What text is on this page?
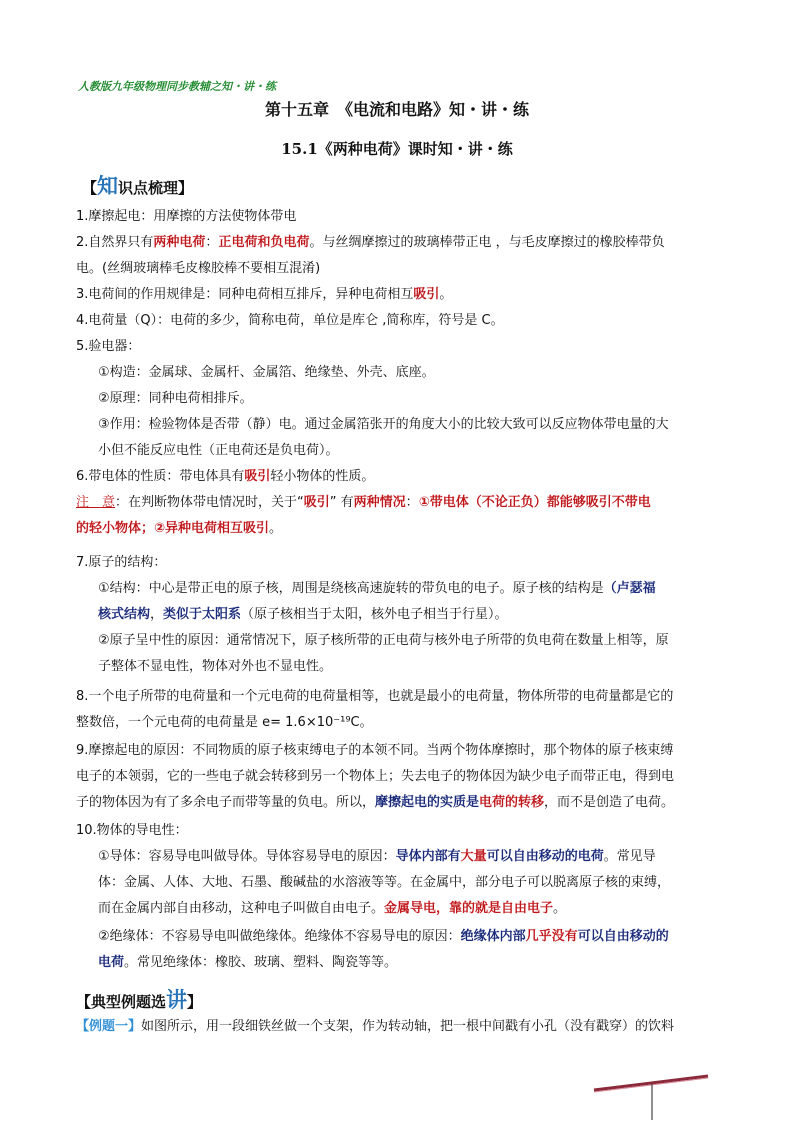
人教版九年级物理同步教辅之知・讲・练
第十五章　《电流和电路》知・讲・练
15.1《两种电荷》课时知・讲・练
【知识点梳理】
1.摩擦起电：用摩擦的方法使物体带电
2.自然界只有两种电荷：正电荷和负电荷。与丝绸摩擦过的玻璃棒带正电 ，与毛皮摩擦过的橡胶棒带负
电。(丝绸玻璃棒毛皮橡胶棒不要相互混淆)
3.电荷间的作用规律是：同种电荷相互排斥，异种电荷相互吸引。
4.电荷量（Q）：电荷的多少，简称电荷，单位是库仑 ,简称库，符号是 C。
5.验电器：
①构造：金属球、金属杆、金属箔、绝缘垫、外壳、底座。
②原理：同种电荷相排斥。
③作用：检验物体是否带（静）电。通过金属箔张开的角度大小的比较大致可以反应物体带电量的大
小但不能反应电性（正电荷还是负电荷）。
6.带电体的性质：带电体具有吸引轻小物体的性质。
注　意：在判断物体带电情况时，关于“吸引” 有两种情况：①带电体（不论正负）都能够吸引不带电
的轻小物体；②异种电荷相互吸引。
7.原子的结构：
①结构：中心是带正电的原子核，周围是绕核高速旋转的带负电的电子。原子核的结构是（卢瑟福
核式结构，类似于太阳系（原子核相当于太阳，核外电子相当于行星）。
②原子呈中性的原因：通常情况下，原子核所带的正电荷与核外电子所带的负电荷在数量上相等，原
子整体不显电性，物体对外也不显电性。
8.一个电子所带的电荷量和一个元电荷的电荷量相等，也就是最小的电荷量，物体所带的电荷量都是它的
整数倍，一个元电荷的电荷量是 e= 1.6×10⁻¹⁹C。
9.摩擦起电的原因：不同物质的原子核束缚电子的本领不同。当两个物体摩擦时，那个物体的原子核束缚
电子的本领弱，它的一些电子就会转移到另一个物体上；失去电子的物体因为缺少电子而带正电，得到电
子的物体因为有了多余电子而带等量的负电。所以，摩擦起电的实质是电荷的转移，而不是创造了电荷。
10.物体的导电性：
①导体：容易导电叫做导体。导体容易导电的原因：导体内部有大量可以自由移动的电荷。常见导
体：金属、人体、大地、石墨、酸碱盐的水溶液等等。在金属中，部分电子可以脱离原子核的束缚，
而在金属内部自由移动，这种电子叫做自由电子。金属导电，靠的就是自由电子。
②绝缘体：不容易导电叫做绝缘体。绝缘体不容易导电的原因：绝缘体内部几乎没有可以自由移动的
电荷。常见绝缘体：橡胶、玻璃、塑料、陶瓷等等。
【典型例题选讲】
【例题一】如图所示，用一段细铁丝做一个支架，作为转动轴，把一根中间戳有小孔（没有戳穿）的饮料
